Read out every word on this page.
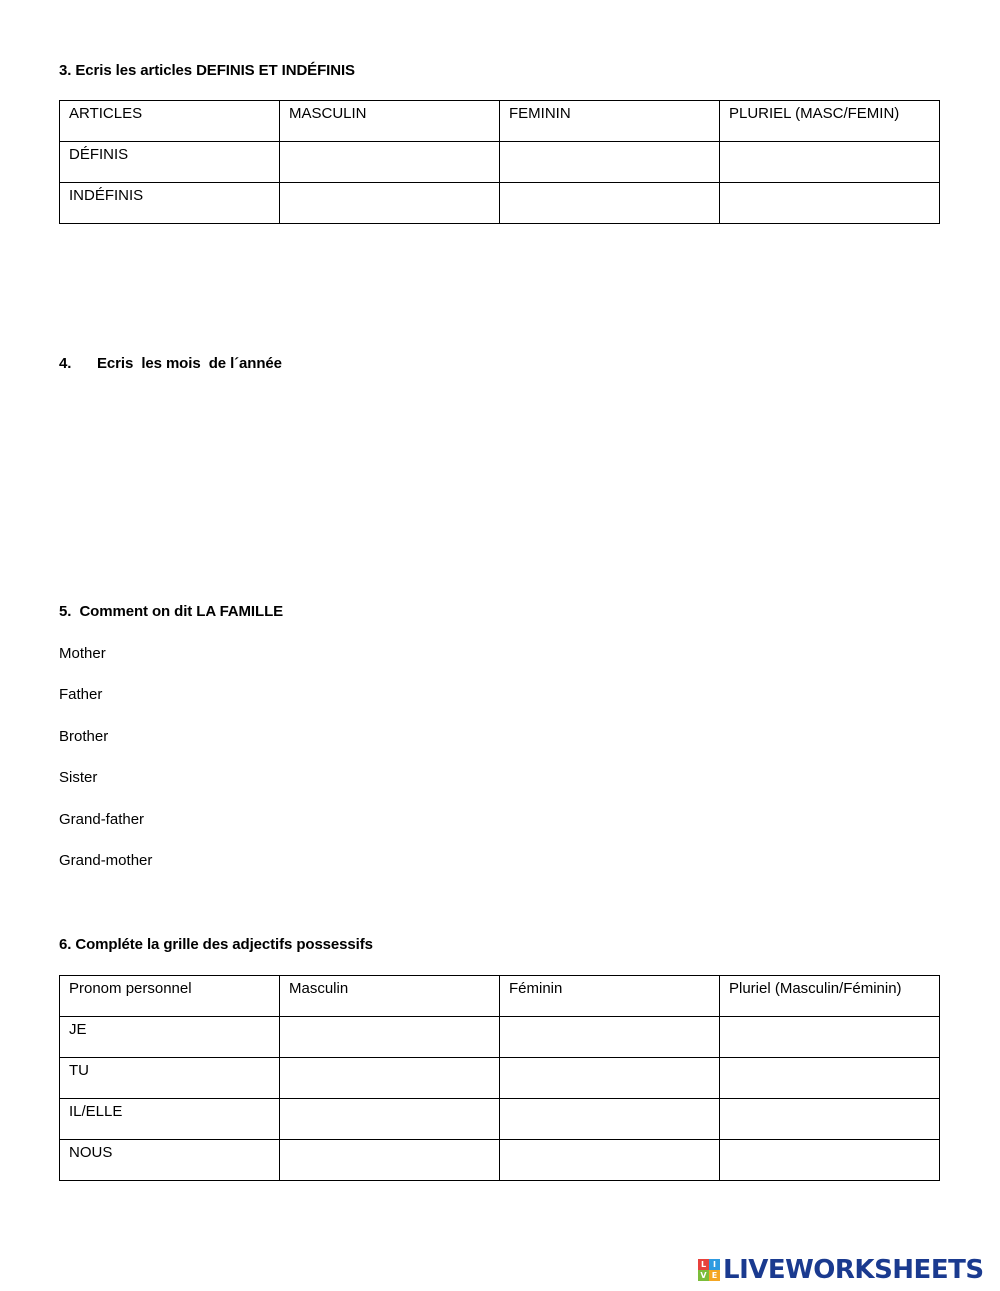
3. Ecris les articles DEFINIS ET INDÉFINIS
ARTICLES	MASCULIN	FEMININ	PLURIEL (MASC/FEMIN)

DÉFINIS			

INDÉFINIS			

4. Ecris  les mois  de l´année
5.  Comment on dit LA FAMILLE
Mother
Father
Brother
Sister
Grand-father
Grand-mother
6. Compléte la grille des adjectifs possessifs
Pronom personnel	Masculin	Féminin	Pluriel (Masculin/Féminin)

JE			

TU			

IL/ELLE			

NOUS			

L I
V E LIVEWORKSHEETS
